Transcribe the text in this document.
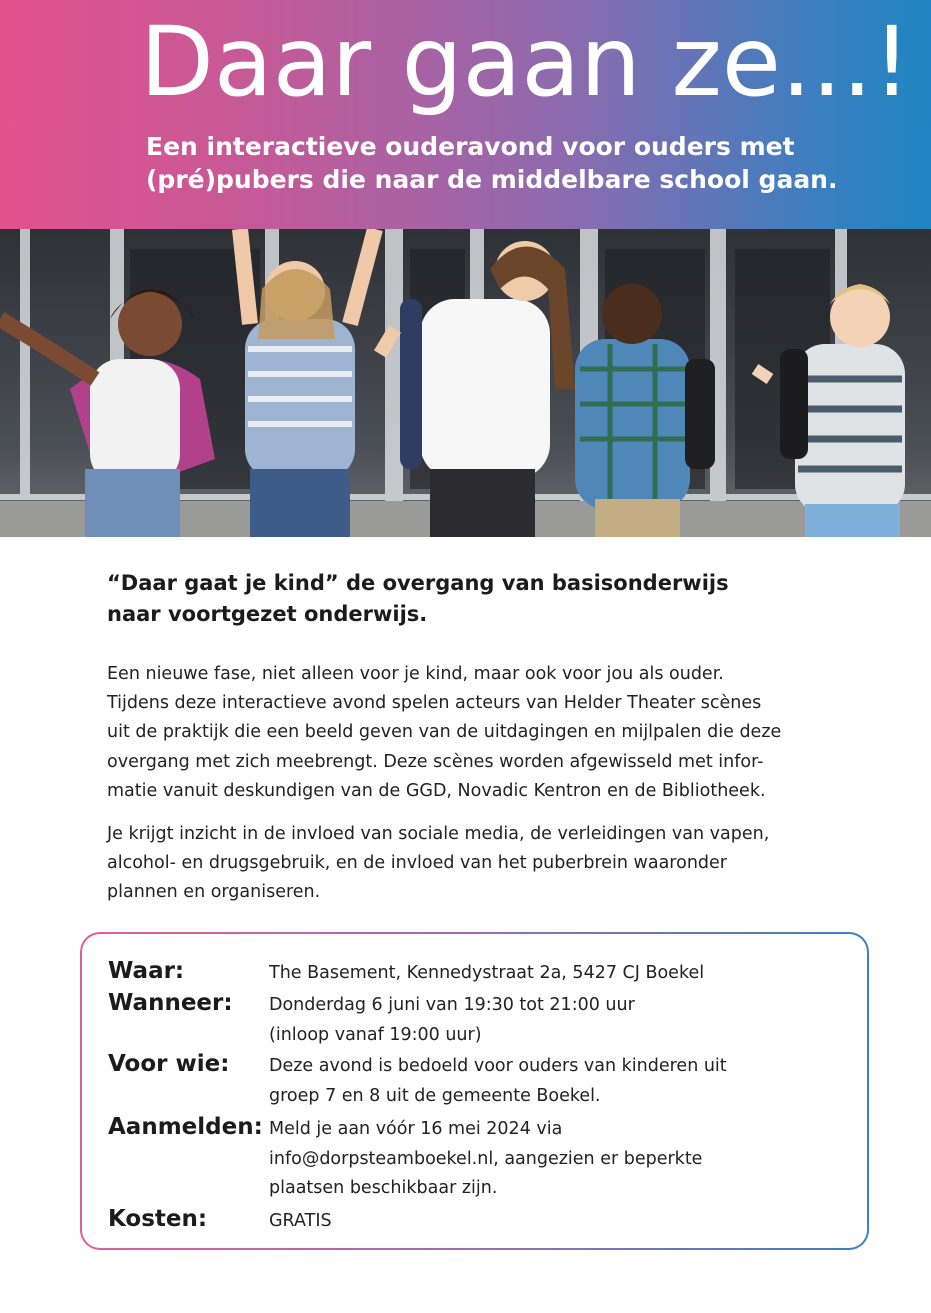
Daar gaan ze...!

Een interactieve ouderavond voor ouders met
(pré)pubers die naar de middelbare school gaan.

“Daar gaat je kind” de overgang van basisonderwijs
naar voortgezet onderwijs.

Een nieuwe fase, niet alleen voor je kind, maar ook voor jou als ouder.
Tijdens deze interactieve avond spelen acteurs van Helder Theater scènes
uit de praktijk die een beeld geven van de uitdagingen en mijlpalen die deze
overgang met zich meebrengt. Deze scènes worden afgewisseld met infor-
matie vanuit deskundigen van de GGD, Novadic Kentron en de Bibliotheek.

Je krijgt inzicht in de invloed van sociale media, de verleidingen van vapen,
alcohol- en drugsgebruik, en de invloed van het puberbrein waaronder
plannen en organiseren.

Waar:	The Basement, Kennedystraat 2a, 5427 CJ Boekel
Wanneer:	Donderdag 6 juni van 19:30 tot 21:00 uur
(inloop vanaf 19:00 uur)
Voor wie:	Deze avond is bedoeld voor ouders van kinderen uit
groep 7 en 8 uit de gemeente Boekel.
Aanmelden: Meld je aan vóór 16 mei 2024 via
info@dorpsteamboekel.nl, aangezien er beperkte
plaatsen beschikbaar zijn.
Kosten:	GRATIS
